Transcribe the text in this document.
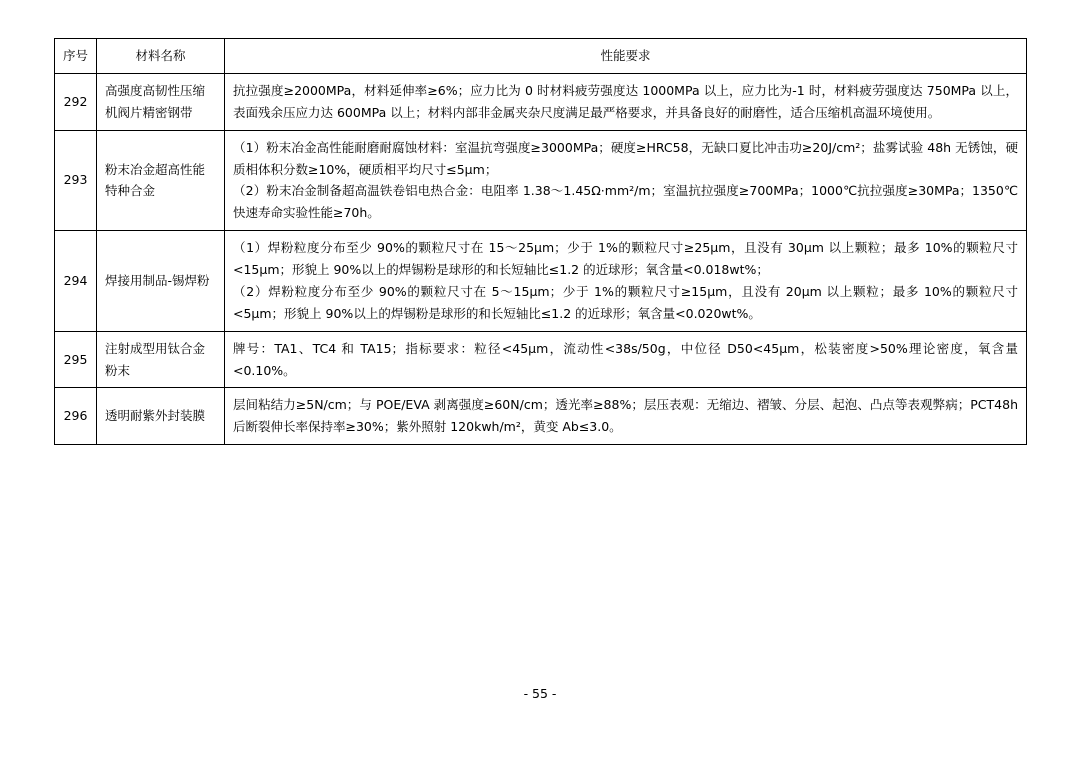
序号	材料名称	性能要求
292	高强度高韧性压缩机阀片精密钢带	抗拉强度≥2000MPa，材料延伸率≥6%；应力比为 0 时材料疲劳强度达 1000MPa 以上，应力比为-1 时，材料疲劳强度达 750MPa 以上，表面残余压应力达 600MPa 以上；材料内部非金属夹杂尺度满足最严格要求，并具备良好的耐磨性，适合压缩机高温环境使用。

293	粉末冶金超高性能特种合金	（1）粉末冶金高性能耐磨耐腐蚀材料：室温抗弯强度≥3000MPa；硬度≥HRC58，无缺口夏比冲击功≥20J/cm²；盐雾试验 48h 无锈蚀，硬质相体积分数≥10%，硬质相平均尺寸≤5μm；

（2）粉末冶金制备超高温铁卷铝电热合金：电阻率 1.38～1.45Ω·mm²/m；室温抗拉强度≥700MPa；1000℃抗拉强度≥30MPa；1350℃快速寿命实验性能≥70h。

294	焊接用制品-锡焊粉	（1）焊粉粒度分布至少 90%的颗粒尺寸在 15～25μm；少于 1%的颗粒尺寸≥25μm，且没有 30μm 以上颗粒；最多 10%的颗粒尺寸<15μm；形貌上 90%以上的焊锡粉是球形的和长短轴比≤1.2 的近球形；氧含量<0.018wt%；

（2）焊粉粒度分布至少 90%的颗粒尺寸在 5～15μm；少于 1%的颗粒尺寸≥15μm，且没有 20μm 以上颗粒；最多 10%的颗粒尺寸<5μm；形貌上 90%以上的焊锡粉是球形的和长短轴比≤1.2 的近球形；氧含量<0.020wt%。

295	注射成型用钛合金粉末	牌号：TA1、TC4 和 TA15；指标要求：粒径<45μm，流动性<38s/50g，中位径 D50<45μm，松装密度>50%理论密度，氧含量<0.10%。

296	透明耐紫外封装膜	层间粘结力≥5N/cm；与 POE/EVA 剥离强度≥60N/cm；透光率≥88%；层压表观：无缩边、褶皱、分层、起泡、凸点等表观弊病；PCT48h 后断裂伸长率保持率≥30%；紫外照射 120kwh/m²，黄变 Ab≤3.0。

- 55 -
